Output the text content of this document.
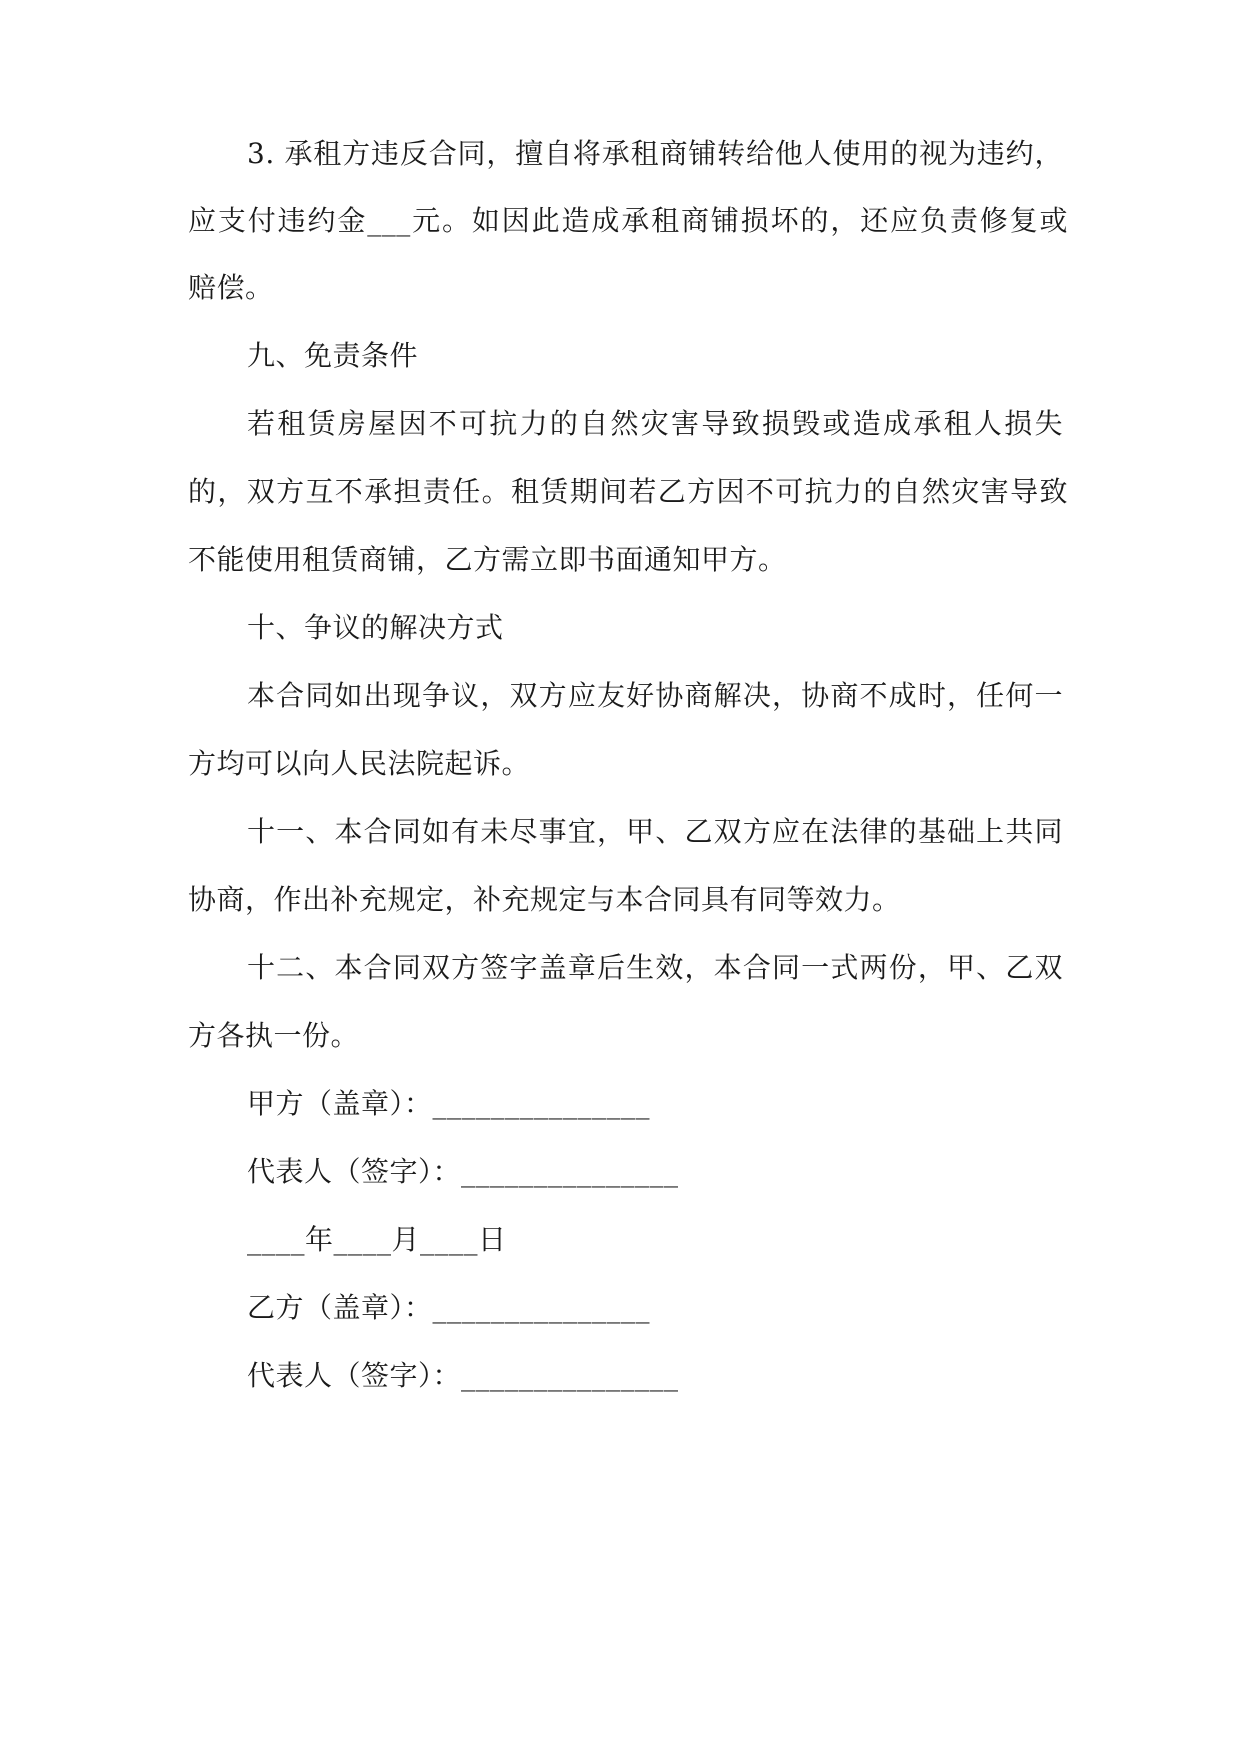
3. 承租方违反合同，擅自将承租商铺转给他人使用的视为违约，
应支付违约金___元。如因此造成承租商铺损坏的，还应负责修复或
赔偿。
九、免责条件
若租赁房屋因不可抗力的自然灾害导致损毁或造成承租人损失
的，双方互不承担责任。租赁期间若乙方因不可抗力的自然灾害导致
不能使用租赁商铺，乙方需立即书面通知甲方。
十、争议的解决方式
本合同如出现争议，双方应友好协商解决，协商不成时，任何一
方均可以向人民法院起诉。
十一、本合同如有未尽事宜，甲、乙双方应在法律的基础上共同
协商，作出补充规定，补充规定与本合同具有同等效力。
十二、本合同双方签字盖章后生效，本合同一式两份，甲、乙双
方各执一份。
甲方（盖章）：_______________
代表人（签字）：_______________
____年____月____日
乙方（盖章）：_______________
代表人（签字）：_______________
